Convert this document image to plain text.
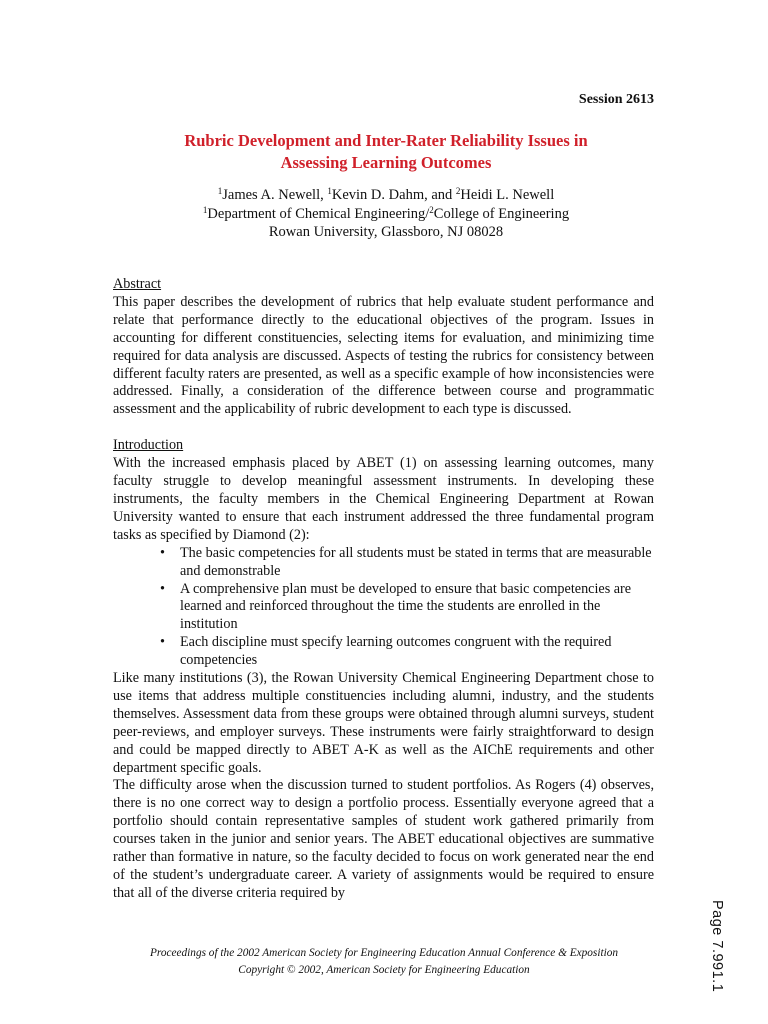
Session 2613
Rubric Development and Inter-Rater Reliability Issues in
Assessing Learning Outcomes
$^1$James A. Newell, $^1$Kevin D. Dahm, and $^2$Heidi L. Newell
$^1$Department of Chemical Engineering/$^2$College of Engineering
Rowan University, Glassboro, NJ 08028
Abstract
This paper describes the development of rubrics that help evaluate student performance and relate that performance directly to the educational objectives of the program. Issues in accounting for different constituencies, selecting items for evaluation, and minimizing time required for data analysis are discussed. Aspects of testing the rubrics for consistency between different faculty raters are presented, as well as a specific example of how inconsistencies were addressed. Finally, a consideration of the difference between course and programmatic assessment and the applicability of rubric development to each type is discussed.
Introduction
With the increased emphasis placed by ABET (1) on assessing learning outcomes, many faculty struggle to develop meaningful assessment instruments. In developing these instruments, the faculty members in the Chemical Engineering Department at Rowan University wanted to ensure that each instrument addressed the three fundamental program tasks as specified by Diamond (2):
• The basic competencies for all students must be stated in terms that are measurable and demonstrable
• A comprehensive plan must be developed to ensure that basic competencies are learned and reinforced throughout the time the students are enrolled in the institution
• Each discipline must specify learning outcomes congruent with the required competencies
Like many institutions (3), the Rowan University Chemical Engineering Department chose to use items that address multiple constituencies including alumni, industry, and the students themselves. Assessment data from these groups were obtained through alumni surveys, student peer-reviews, and employer surveys. These instruments were fairly straightforward to design and could be mapped directly to ABET A-K as well as the AIChE requirements and other department specific goals.
The difficulty arose when the discussion turned to student portfolios. As Rogers (4) observes, there is no one correct way to design a portfolio process. Essentially everyone agreed that a portfolio should contain representative samples of student work gathered primarily from courses taken in the junior and senior years. The ABET educational objectives are summative rather than formative in nature, so the faculty decided to focus on work generated near the end of the student’s undergraduate career. A variety of assignments would be required to ensure that all of the diverse criteria required by
Proceedings of the 2002 American Society for Engineering Education Annual Conference & Exposition
Copyright © 2002, American Society for Engineering Education	Page 7.991.1
